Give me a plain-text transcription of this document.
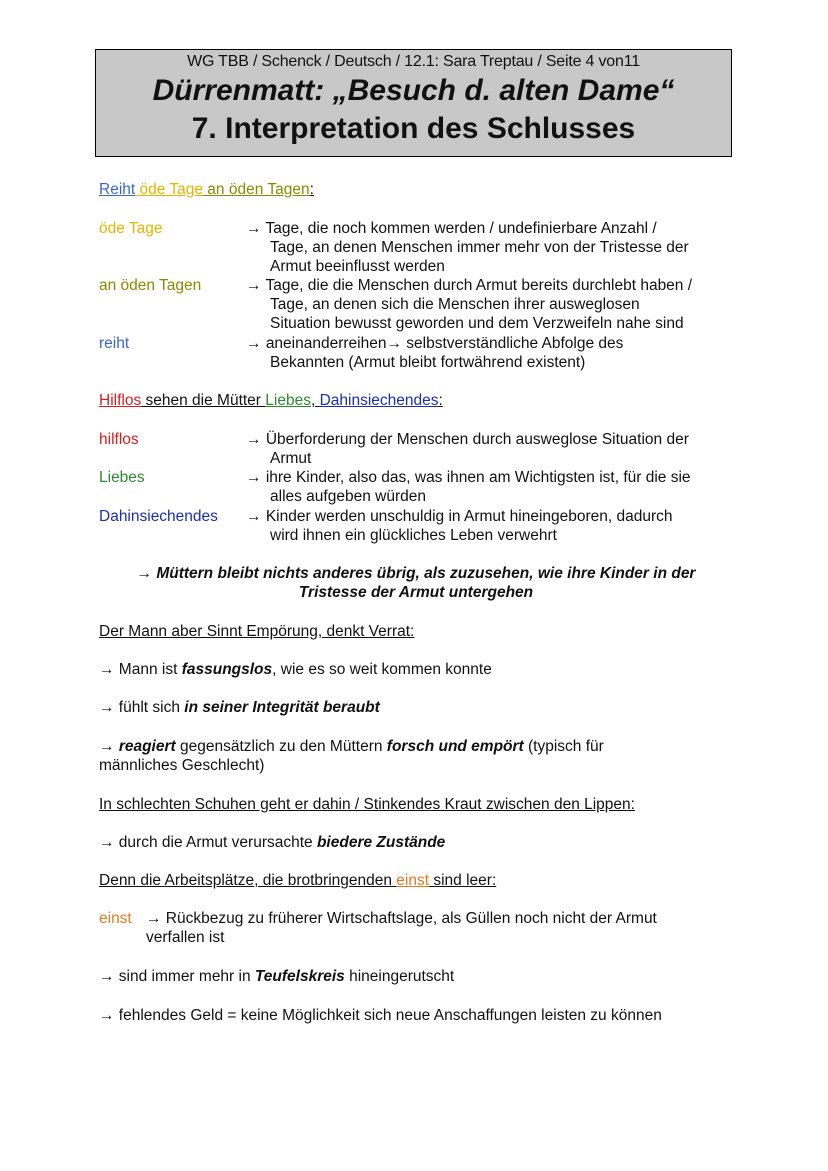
WG TBB / Schenck / Deutsch / 12.1: Sara Treptau / Seite 4 von11
Dürrenmatt: „Besuch d. alten Dame“
7. Interpretation des Schlusses
Reiht öde Tage an öden Tagen:
öde Tage	→ Tage, die noch kommen werden / undefinierbare Anzahl /
Tage, an denen Menschen immer mehr von der Tristesse der
Armut beeinflusst werden
an öden Tagen	→ Tage, die die Menschen durch Armut bereits durchlebt haben /
Tage, an denen sich die Menschen ihrer ausweglosen
Situation bewusst geworden und dem Verzweifeln nahe sind
reiht	→ aneinanderreihen→ selbstverständliche Abfolge des
Bekannten (Armut bleibt fortwährend existent)
Hilflos sehen die Mütter Liebes, Dahinsiechendes:
hilflos	→ Überforderung der Menschen durch ausweglose Situation der
Armut
Liebes	→ ihre Kinder, also das, was ihnen am Wichtigsten ist, für die sie
alles aufgeben würden
Dahinsiechendes → Kinder werden unschuldig in Armut hineingeboren, dadurch
wird ihnen ein glückliches Leben verwehrt
→ Müttern bleibt nichts anderes übrig, als zuzusehen, wie ihre Kinder in der
Tristesse der Armut untergehen
Der Mann aber Sinnt Empörung, denkt Verrat:
→ Mann ist fassungslos, wie es so weit kommen konnte
→ fühlt sich in seiner Integrität beraubt
→ reagiert gegensätzlich zu den Müttern forsch und empört (typisch für
männliches Geschlecht)
In schlechten Schuhen geht er dahin / Stinkendes Kraut zwischen den Lippen:
→ durch die Armut verursachte biedere Zustände
Denn die Arbeitsplätze, die brotbringenden einst sind leer:
einst → Rückbezug zu früherer Wirtschaftslage, als Güllen noch nicht der Armut
verfallen ist
→ sind immer mehr in Teufelskreis hineingerutscht
→ fehlendes Geld = keine Möglichkeit sich neue Anschaffungen leisten zu können
